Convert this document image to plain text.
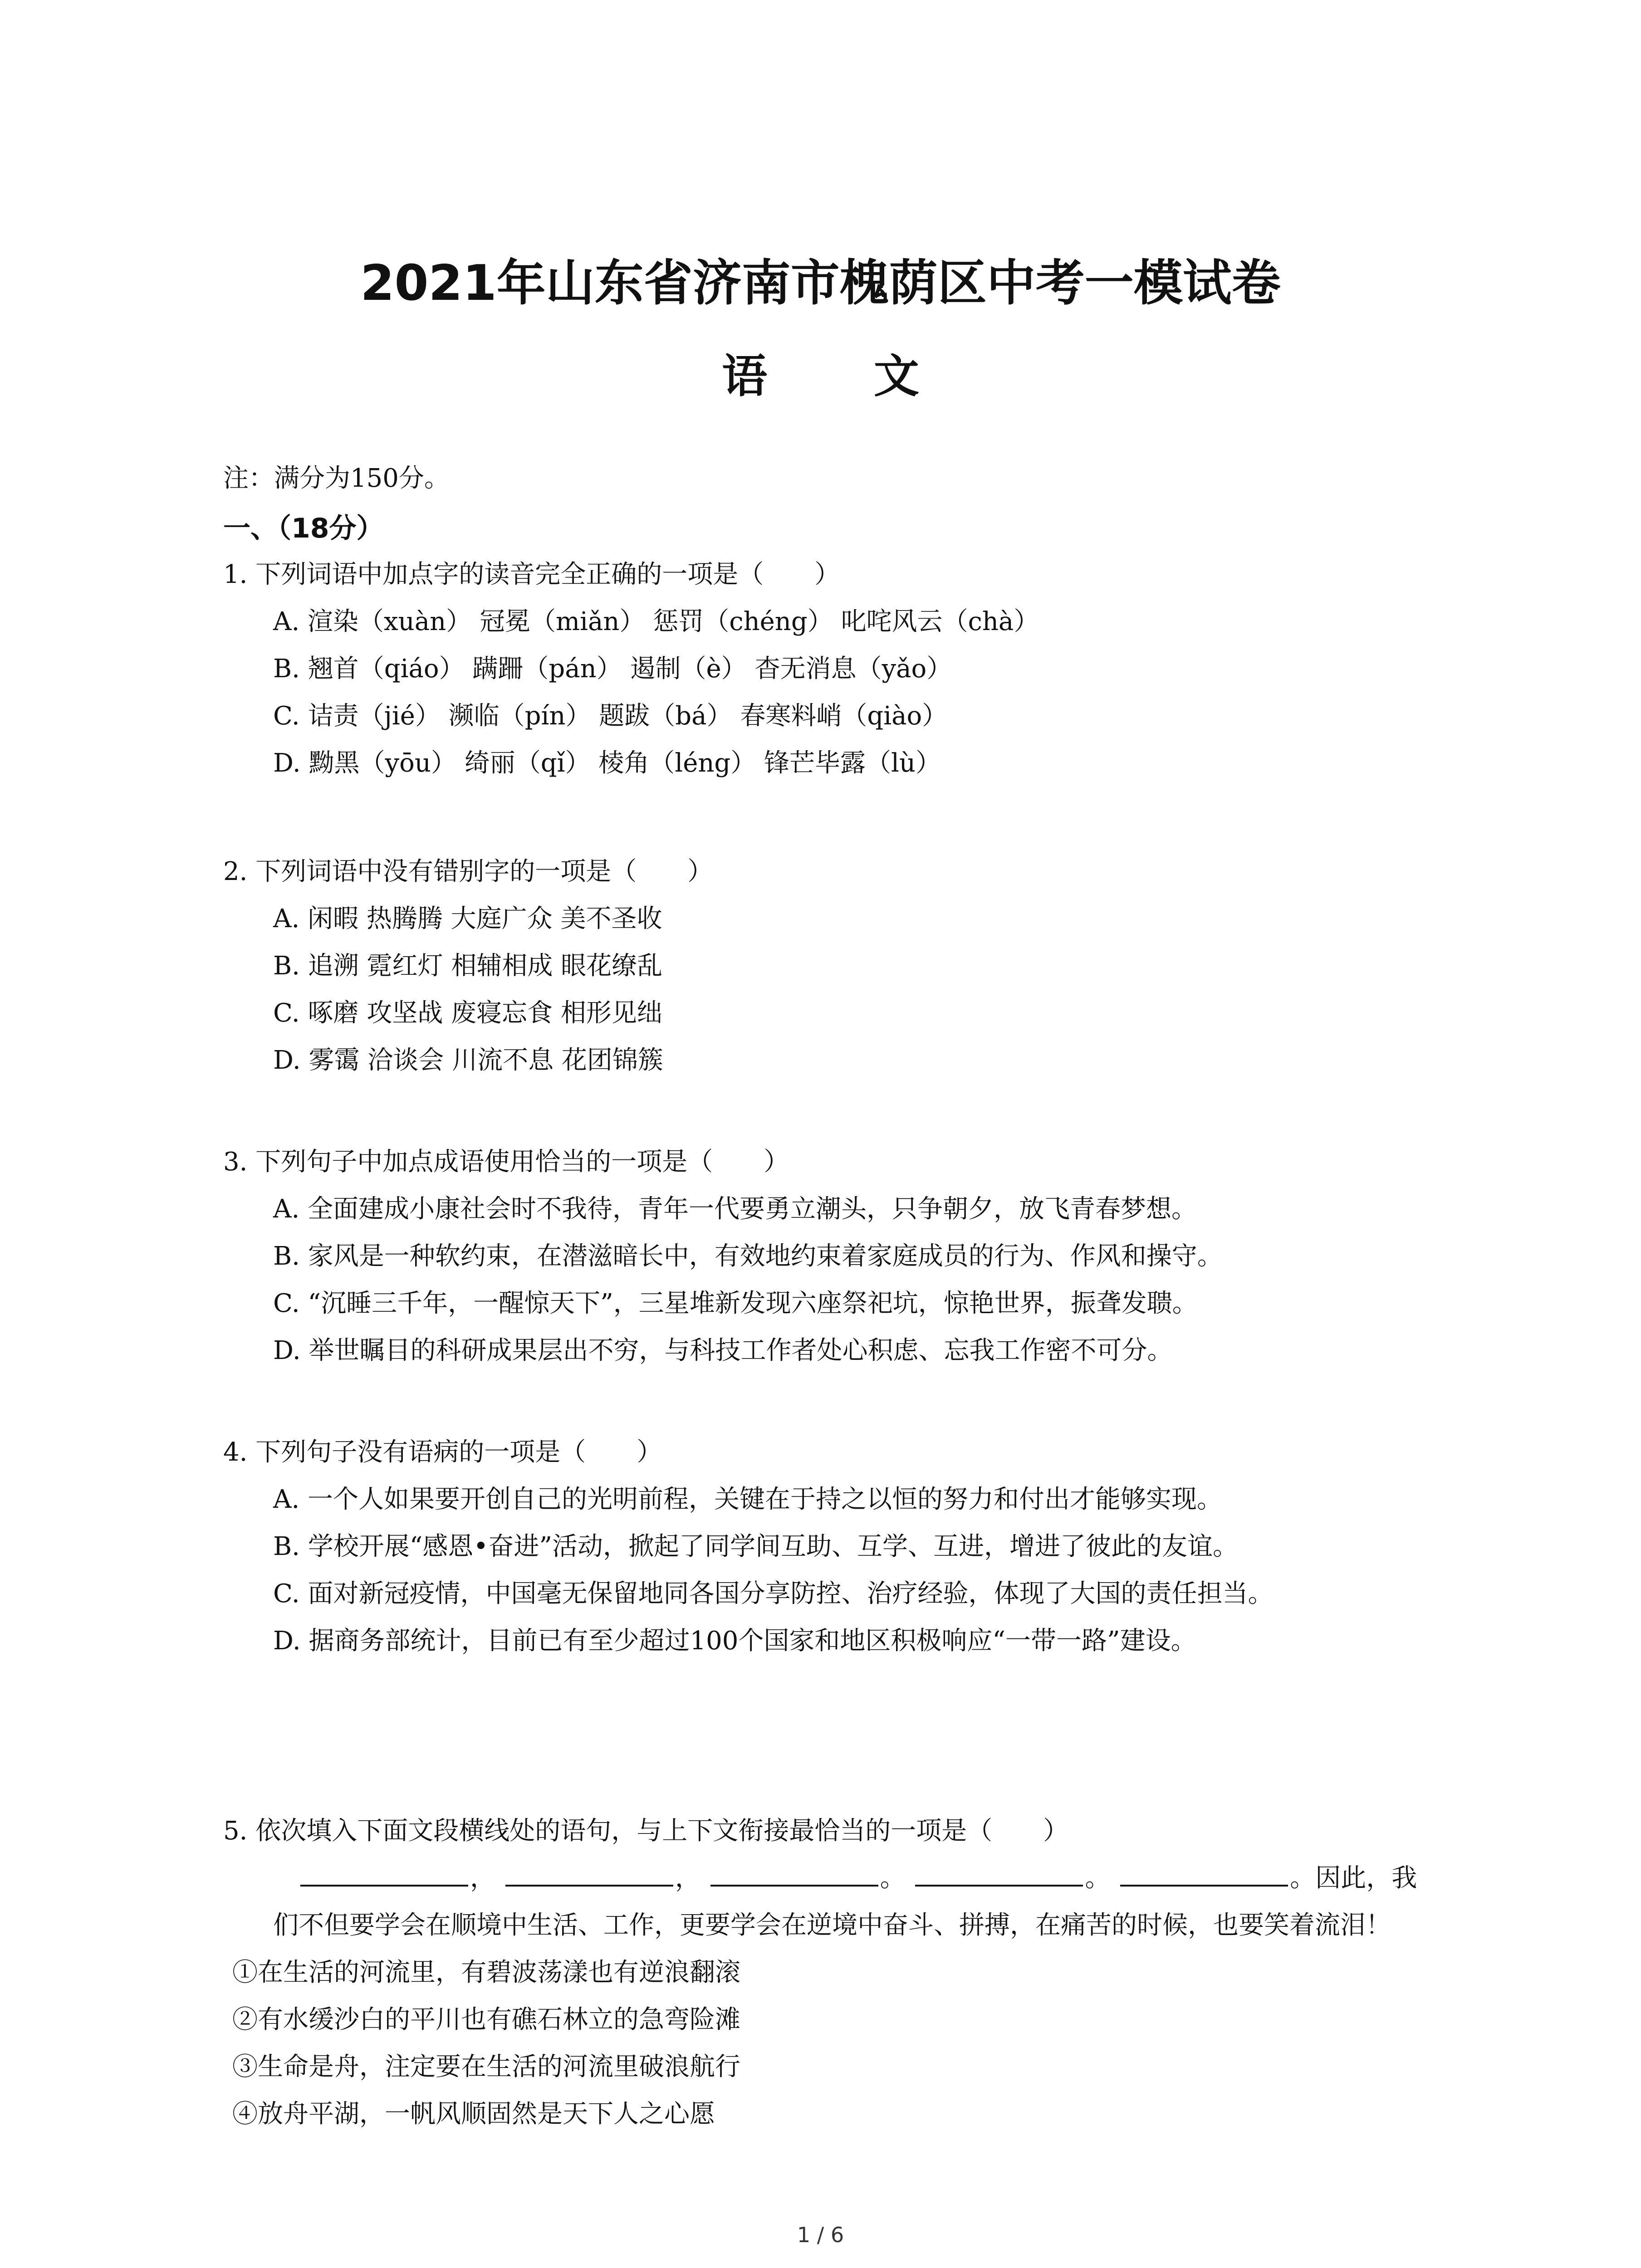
2021年山东省济南市槐荫区中考一模试卷
语 文
注：满分为150分。
一、（18分）

1. 下列词语中加点字的读音完全正确的一项是（　　）

A. 渲染（xuàn） 冠冕（miǎn） 惩罚（chéng） 叱咤风云（chà）

B. 翘首（qiáo） 蹒跚（pán） 遏制（è） 杳无消息（yǎo）

C. 诘责（jié） 濒临（pín） 题跋（bá） 春寒料峭（qiào）

D. 黝黑（yōu） 绮丽（qǐ） 棱角（léng） 锋芒毕露（lù）

2. 下列词语中没有错别字的一项是（　　）

A. 闲暇 热腾腾 大庭广众 美不圣收

B. 追溯 霓红灯 相辅相成 眼花缭乱

C. 啄磨 攻坚战 废寝忘食 相形见绌

D. 雾霭 洽谈会 川流不息 花团锦簇

3. 下列句子中加点成语使用恰当的一项是（　　）

A. 全面建成小康社会时不我待，青年一代要勇立潮头，只争朝夕，放飞青春梦想。

B. 家风是一种软约束，在潜滋暗长中，有效地约束着家庭成员的行为、作风和操守。

C. “沉睡三千年，一醒惊天下”，三星堆新发现六座祭祀坑，惊艳世界，振聋发聩。

D. 举世瞩目的科研成果层出不穷，与科技工作者处心积虑、忘我工作密不可分。

4. 下列句子没有语病的一项是（　　）

A. 一个人如果要开创自己的光明前程，关键在于持之以恒的努力和付出才能够实现。

B. 学校开展“感恩•奋进”活动，掀起了同学间互助、互学、互进，增进了彼此的友谊。

C. 面对新冠疫情，中国毫无保留地同各国分享防控、治疗经验，体现了大国的责任担当。

D. 据商务部统计，目前已有至少超过100个国家和地区积极响应“一带一路”建设。

5. 依次填入下面文段横线处的语句，与上下文衔接最恰当的一项是（　　）

，	，	。	。	。因此，我们不但要学会在顺境中生活、工作，更要学会在逆境中奋斗、拼搏，在痛苦的时候，也要笑着流泪！

①在生活的河流里，有碧波荡漾也有逆浪翻滚

②有水缓沙白的平川也有礁石林立的急弯险滩

③生命是舟，注定要在生活的河流里破浪航行

④放舟平湖，一帆风顺固然是天下人之心愿

1 / 6
